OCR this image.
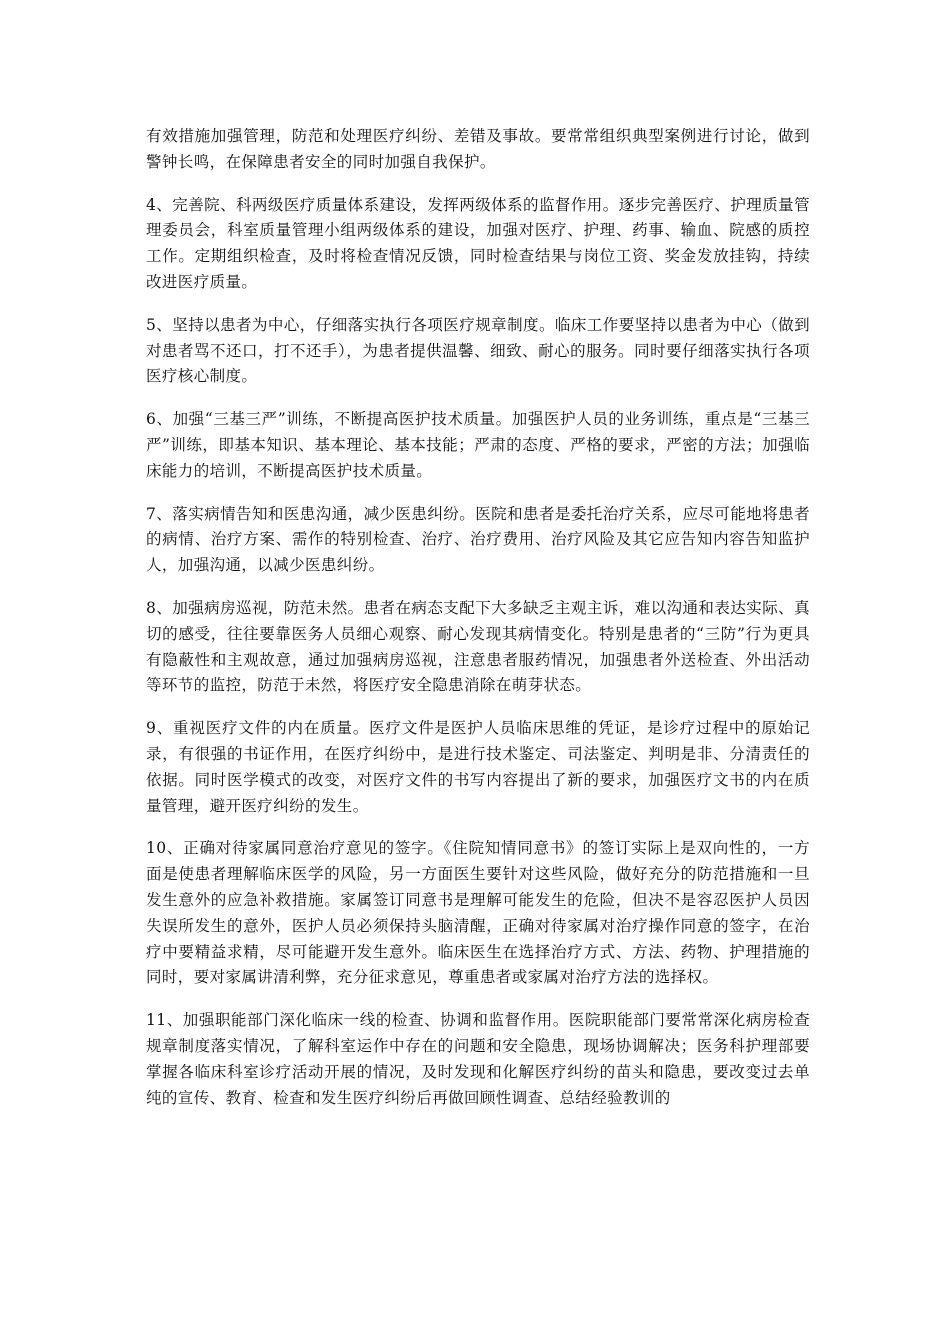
有效措施加强管理，防范和处理医疗纠纷、差错及事故。要常常组织典型案例进行讨论，做到警钟长鸣，在保障患者安全的同时加强自我保护。

4、完善院、科两级医疗质量体系建设，发挥两级体系的监督作用。逐步完善医疗、护理质量管理委员会，科室质量管理小组两级体系的建设，加强对医疗、护理、药事、输血、院感的质控工作。定期组织检查，及时将检查情况反馈，同时检查结果与岗位工资、奖金发放挂钩，持续改进医疗质量。

5、坚持以患者为中心，仔细落实执行各项医疗规章制度。临床工作要坚持以患者为中心（做到对患者骂不还口，打不还手），为患者提供温馨、细致、耐心的服务。同时要仔细落实执行各项医疗核心制度。

6、加强“三基三严”训练，不断提高医护技术质量。加强医护人员的业务训练，重点是“三基三严”训练，即基本知识、基本理论、基本技能；严肃的态度、严格的要求，严密的方法；加强临床能力的培训，不断提高医护技术质量。

7、落实病情告知和医患沟通，减少医患纠纷。医院和患者是委托治疗关系，应尽可能地将患者的病情、治疗方案、需作的特别检查、治疗、治疗费用、治疗风险及其它应告知内容告知监护人，加强沟通，以减少医患纠纷。

8、加强病房巡视，防范未然。患者在病态支配下大多缺乏主观主诉，难以沟通和表达实际、真切的感受，往往要靠医务人员细心观察、耐心发现其病情变化。特别是患者的“三防”行为更具有隐蔽性和主观故意，通过加强病房巡视，注意患者服药情况，加强患者外送检查、外出活动等环节的监控，防范于未然，将医疗安全隐患消除在萌芽状态。

9、重视医疗文件的内在质量。医疗文件是医护人员临床思维的凭证，是诊疗过程中的原始记录，有很强的书证作用，在医疗纠纷中，是进行技术鉴定、司法鉴定、判明是非、分清责任的依据。同时医学模式的改变，对医疗文件的书写内容提出了新的要求，加强医疗文书的内在质量管理，避开医疗纠纷的发生。

10、正确对待家属同意治疗意见的签字。《住院知情同意书》的签订实际上是双向性的，一方面是使患者理解临床医学的风险，另一方面医生要针对这些风险，做好充分的防范措施和一旦发生意外的应急补救措施。家属签订同意书是理解可能发生的危险，但决不是容忍医护人员因失误所发生的意外，医护人员必须保持头脑清醒，正确对待家属对治疗操作同意的签字，在治疗中要精益求精，尽可能避开发生意外。临床医生在选择治疗方式、方法、药物、护理措施的同时，要对家属讲清利弊，充分征求意见，尊重患者或家属对治疗方法的选择权。

11、加强职能部门深化临床一线的检查、协调和监督作用。医院职能部门要常常深化病房检查规章制度落实情况，了解科室运作中存在的问题和安全隐患，现场协调解决；医务科护理部要掌握各临床科室诊疗活动开展的情况，及时发现和化解医疗纠纷的苗头和隐患，要改变过去单纯的宣传、教育、检查和发生医疗纠纷后再做回顾性调查、总结经验教训的
